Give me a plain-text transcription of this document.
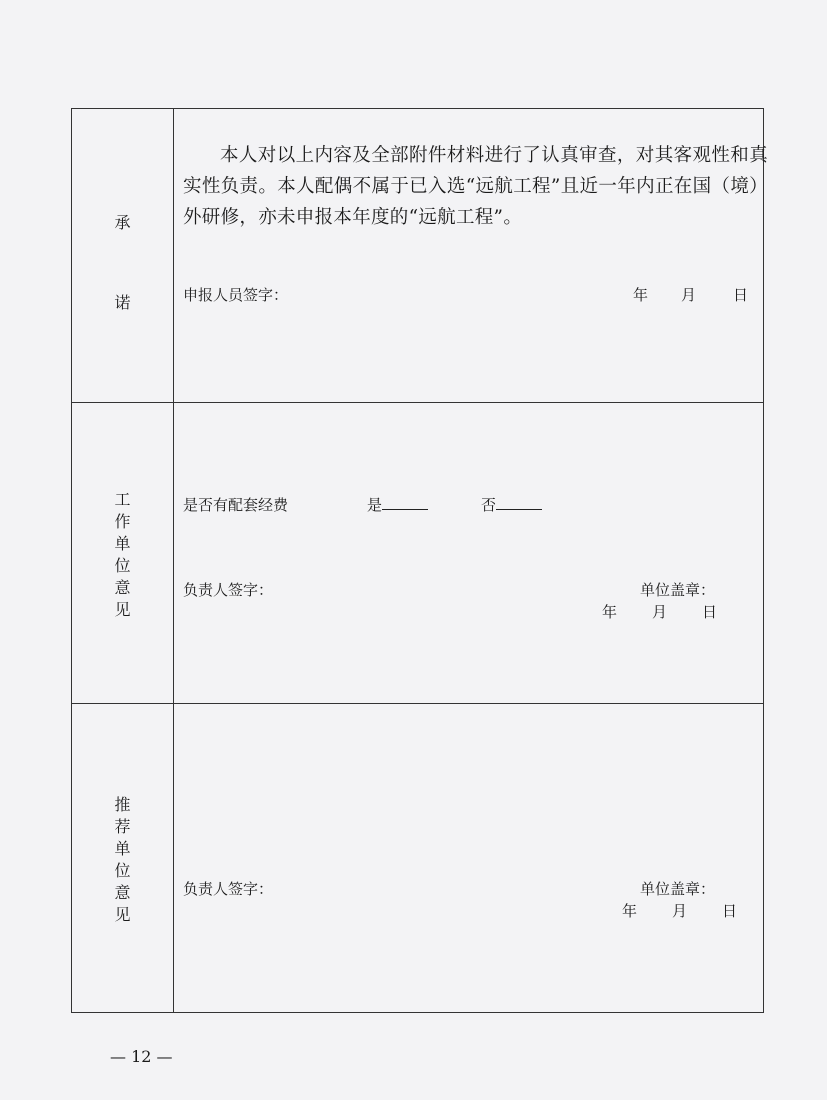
承
诺
本人对以上内容及全部附件材料进行了认真审查，对其客观性和真实性负责。本人配偶不属于已入选“远航工程”且近一年内正在国（境）外研修，亦未申报本年度的“远航工程”。
申报人员签字：	年 月 日
工
作
单
位
意
见
是否有配套经费	是	否
负责人签字：	单位盖章：
年 月 日
推
荐
单
位
意
见
负责人签字：	单位盖章：
年 月 日
— 12 —
